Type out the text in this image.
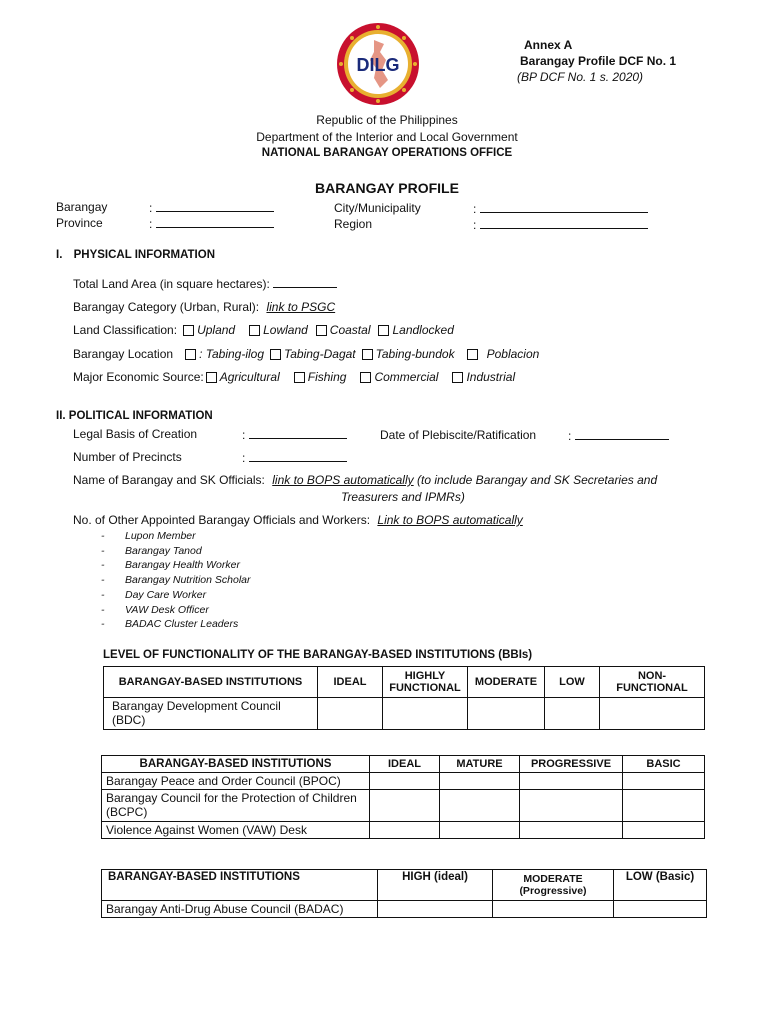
DILG
Annex A
Barangay Profile DCF No. 1
(BP DCF No. 1 s. 2020)
Republic of the Philippines
Department of the Interior and Local Government
NATIONAL BARANGAY OPERATIONS OFFICE
BARANGAY PROFILE
Barangay	:
Province	:
City/Municipality	:
Region	:
I. PHYSICAL INFORMATION
Total Land Area (in square hectares):
Barangay Category (Urban, Rural): link to PSGC
Land Classification: Upland Lowland Coastal Landlocked
Barangay Location : Tabing-ilog Tabing-Dagat Tabing-bundok	Poblacion
Major Economic Source: Agricultural Fishing Commercial Industrial
II. POLITICAL INFORMATION
Legal Basis of Creation	:	Date of Plebiscite/Ratification	:
Number of Precincts	:
Name of Barangay and SK Officials: link to BOPS automatically (to include Barangay and SK Secretaries and
Treasurers and IPMRs)
No. of Other Appointed Barangay Officials and Workers: Link to BOPS automatically
- Lupon Member
- Barangay Tanod
- Barangay Health Worker
- Barangay Nutrition Scholar
- Day Care Worker
- VAW Desk Officer
- BADAC Cluster Leaders
LEVEL OF FUNCTIONALITY OF THE BARANGAY-BASED INSTITUTIONS (BBIs)
BARANGAY-BASED INSTITUTIONS	IDEAL	HIGHLY FUNCTIONAL	MODERATE	LOW	NON-FUNCTIONAL
Barangay Development Council (BDC)					
BARANGAY-BASED INSTITUTIONS	IDEAL	MATURE	PROGRESSIVE	BASIC
Barangay Peace and Order Council (BPOC)				
Barangay Council for the Protection of Children (BCPC)				
Violence Against Women (VAW) Desk				
BARANGAY-BASED INSTITUTIONS	HIGH (ideal)	MODERATE (Progressive)	LOW (Basic)
Barangay Anti-Drug Abuse Council (BADAC)			
